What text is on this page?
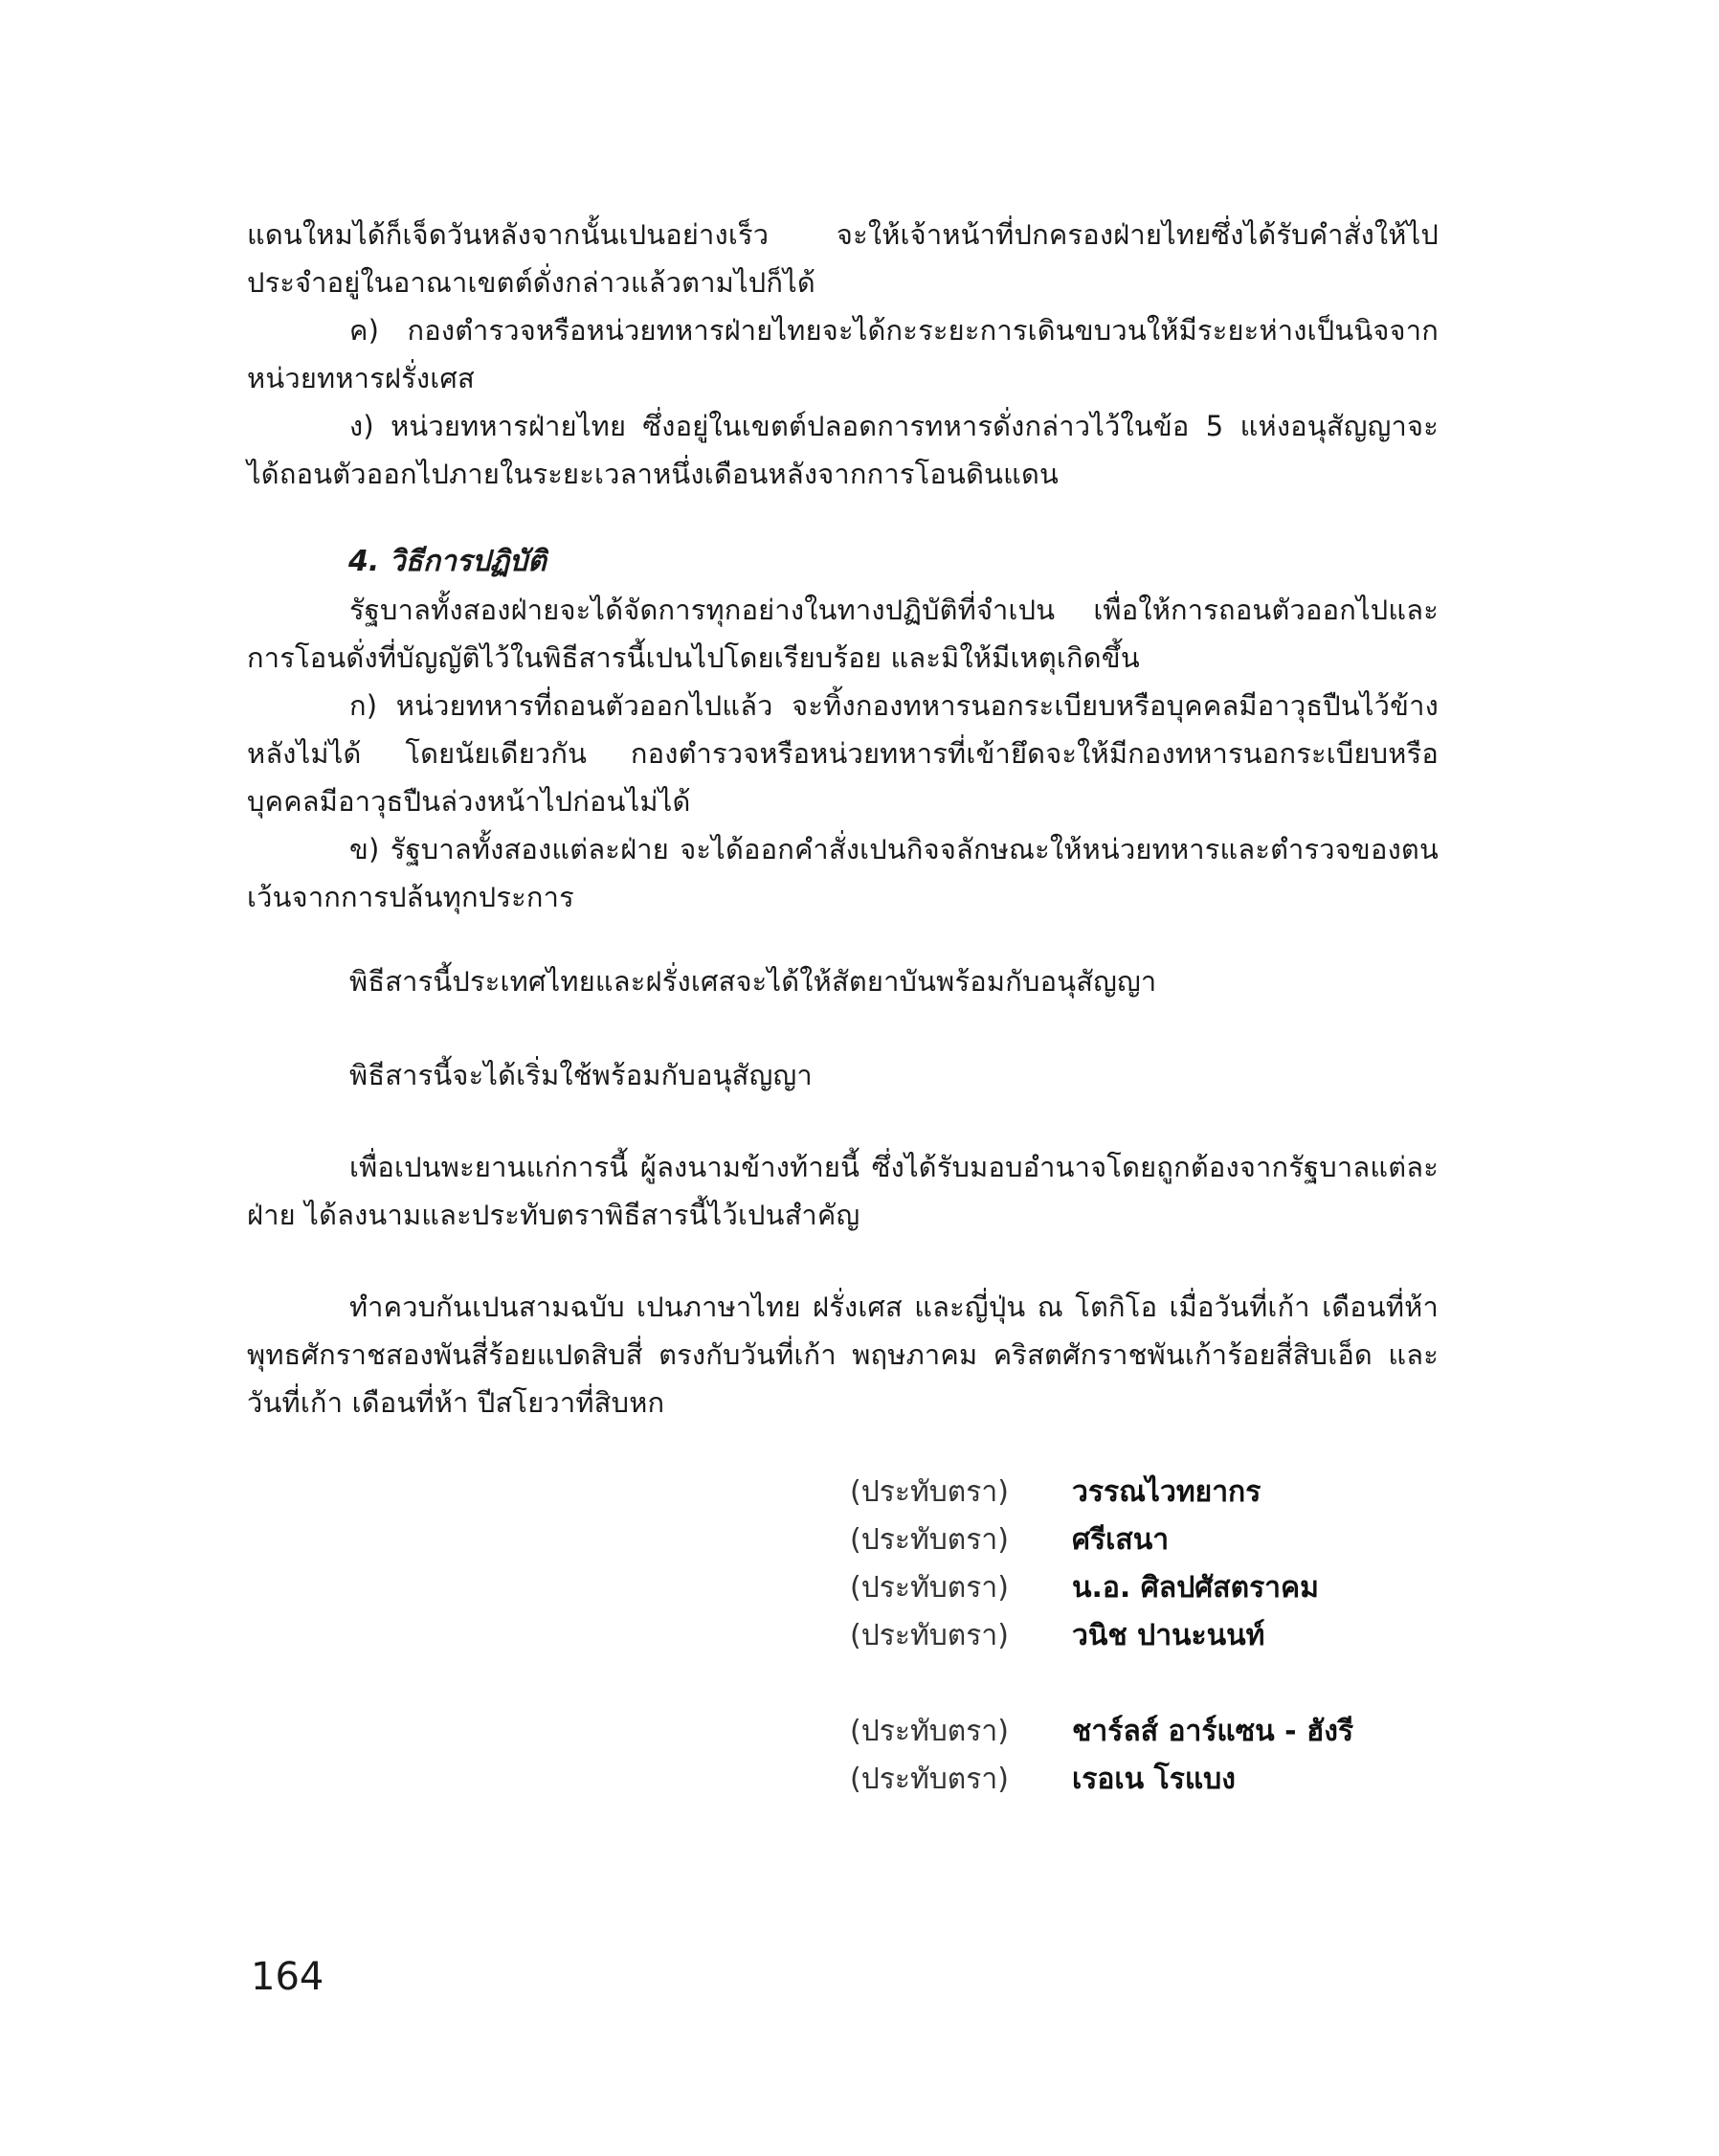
แดนใหมได้ก็เจ็ดวันหลังจากนั้นเปนอย่างเร็ว จะให้เจ้าหน้าที่ปกครองฝ่ายไทยซึ่งได้รับคำสั่งให้ไปประจำอยู่ในอาณาเขตต์ดั่งกล่าวแล้วตามไปก็ได้

ค) กองตำรวจหรือหน่วยทหารฝ่ายไทยจะได้กะระยะการเดินขบวนให้มีระยะห่างเป็นนิจจากหน่วยทหารฝรั่งเศส

ง) หน่วยทหารฝ่ายไทย ซึ่งอยู่ในเขตต์ปลอดการทหารดั่งกล่าวไว้ในข้อ 5 แห่งอนุสัญญาจะได้ถอนตัวออกไปภายในระยะเวลาหนึ่งเดือนหลังจากการโอนดินแดน

4. วิธีการปฏิบัติ

รัฐบาลทั้งสองฝ่ายจะได้จัดการทุกอย่างในทางปฏิบัติที่จำเปน เพื่อให้การถอนตัวออกไปและการโอนดั่งที่บัญญัติไว้ในพิธีสารนี้เปนไปโดยเรียบร้อย และมิให้มีเหตุเกิดขึ้น

ก) หน่วยทหารที่ถอนตัวออกไปแล้ว จะทิ้งกองทหารนอกระเบียบหรือบุคคลมีอาวุธปืนไว้ข้างหลังไม่ได้ โดยนัยเดียวกัน กองตำรวจหรือหน่วยทหารที่เข้ายึดจะให้มีกองทหารนอกระเบียบหรือบุคคลมีอาวุธปืนล่วงหน้าไปก่อนไม่ได้

ข) รัฐบาลทั้งสองแต่ละฝ่าย จะได้ออกคำสั่งเปนกิจจลักษณะให้หน่วยทหารและตำรวจของตนเว้นจากการปล้นทุกประการ

พิธีสารนี้ประเทศไทยและฝรั่งเศสจะได้ให้สัตยาบันพร้อมกับอนุสัญญา

พิธีสารนี้จะได้เริ่มใช้พร้อมกับอนุสัญญา

เพื่อเปนพะยานแก่การนี้ ผู้ลงนามข้างท้ายนี้ ซึ่งได้รับมอบอำนาจโดยถูกต้องจากรัฐบาลแต่ละฝ่าย ได้ลงนามและประทับตราพิธีสารนี้ไว้เปนสำคัญ

ทำควบกันเปนสามฉบับ เปนภาษาไทย ฝรั่งเศส และญี่ปุ่น ณ โตกิโอ เมื่อวันที่เก้า เดือนที่ห้า พุทธศักราชสองพันสี่ร้อยแปดสิบสี่ ตรงกับวันที่เก้า พฤษภาคม คริสตศักราชพันเก้าร้อยสี่สิบเอ็ด และวันที่เก้า เดือนที่ห้า ปีสโยวาที่สิบหก

(ประทับตรา)	วรรณไวทยากร
(ประทับตรา)	ศรีเสนา
(ประทับตรา)	น.อ. ศิลปศัสตราคม
(ประทับตรา)	วนิช ปานะนนท์
(ประทับตรา)	ชาร์ลส์ อาร์แซน - ฮังรี
(ประทับตรา)	เรอเน โรแบง
164
